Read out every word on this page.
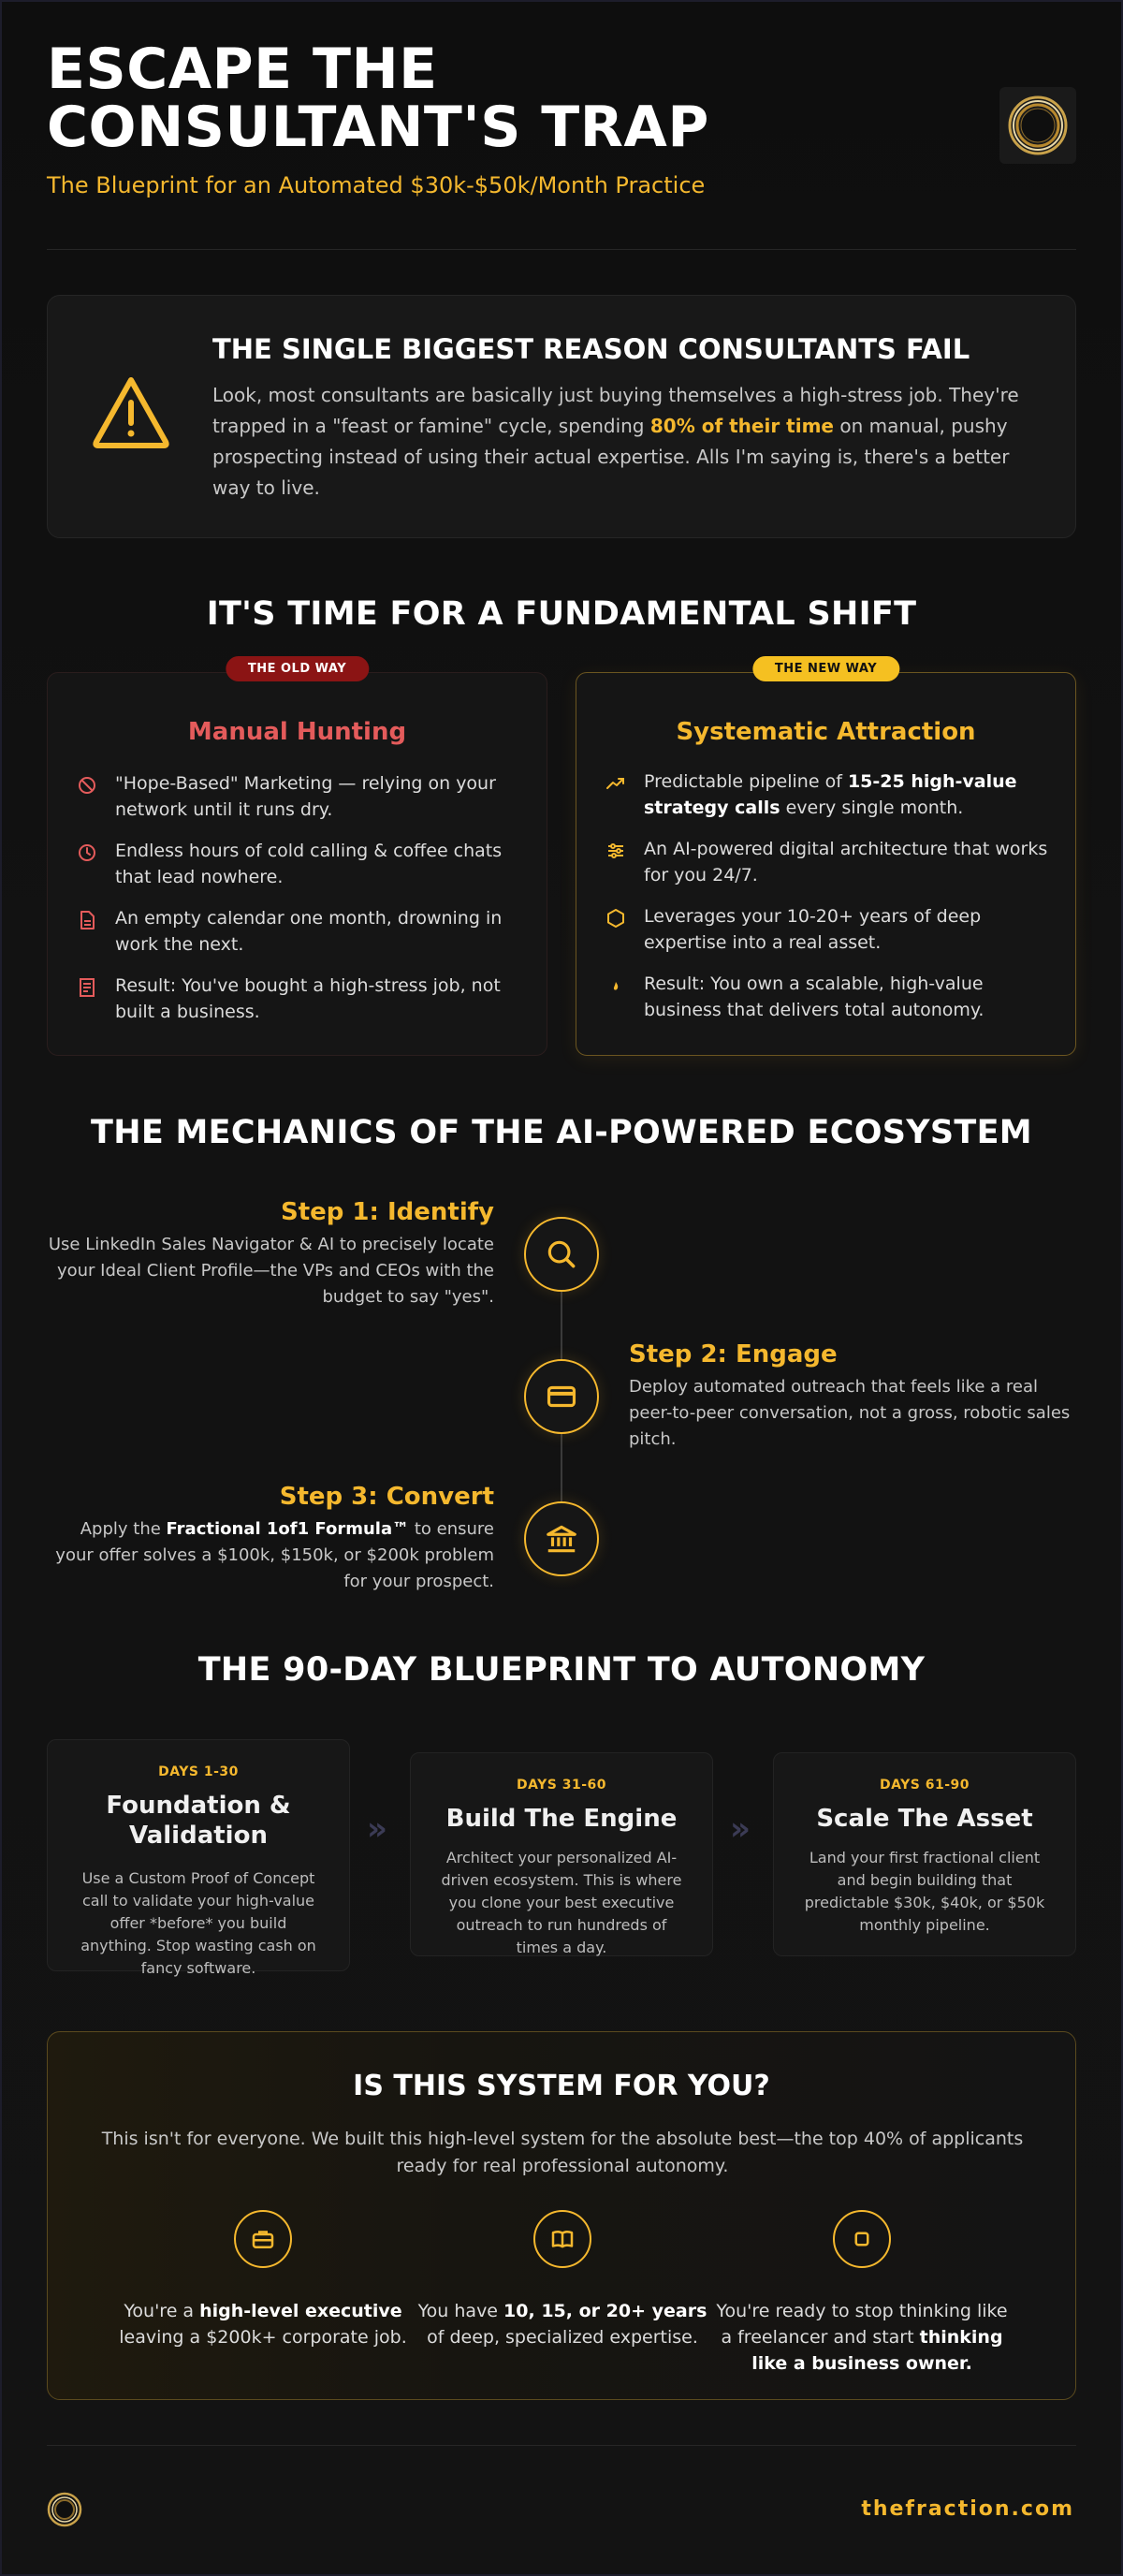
ESCAPE THE
CONSULTANT'S TRAP
The Blueprint for an Automated $30k-$50k/Month Practice
THE SINGLE BIGGEST REASON CONSULTANTS FAIL
Look, most consultants are basically just buying themselves a high-stress job. They're trapped in a "feast or famine" cycle, spending 80% of their time on manual, pushy prospecting instead of using their actual expertise. Alls I'm saying is, there's a better way to live.
IT'S TIME FOR A FUNDAMENTAL SHIFT
THE OLD WAY
Manual Hunting
"Hope-Based" Marketing — relying on your network until it runs dry.
Endless hours of cold calling & coffee chats that lead nowhere.
An empty calendar one month, drowning in work the next.
Result: You've bought a high-stress job, not built a business.
THE NEW WAY
Systematic Attraction
Predictable pipeline of 15-25 high-value strategy calls every single month.
An AI-powered digital architecture that works for you 24/7.
Leverages your 10-20+ years of deep expertise into a real asset.
Result: You own a scalable, high-value business that delivers total autonomy.
THE MECHANICS OF THE AI-POWERED ECOSYSTEM
Step 1: Identify
Use LinkedIn Sales Navigator & AI to precisely locate your Ideal Client Profile—the VPs and CEOs with the budget to say "yes".
Step 2: Engage
Deploy automated outreach that feels like a real peer-to-peer conversation, not a gross, robotic sales pitch.
Step 3: Convert
Apply the Fractional 1of1 Formula™ to ensure your offer solves a $100k, $150k, or $200k problem for your prospect.
THE 90-DAY BLUEPRINT TO AUTONOMY
DAYS 1-30
Foundation & Validation
Use a Custom Proof of Concept call to validate your high-value offer *before* you build anything. Stop wasting cash on fancy software.
»
DAYS 31-60
Build The Engine
Architect your personalized AI-driven ecosystem. This is where you clone your best executive outreach to run hundreds of times a day.
»
DAYS 61-90
Scale The Asset
Land your first fractional client and begin building that predictable $30k, $40k, or $50k monthly pipeline.
IS THIS SYSTEM FOR YOU?
This isn't for everyone. We built this high-level system for the absolute best—the top 40% of applicants ready for real professional autonomy.
You're a high-level executive leaving a $200k+ corporate job.
You have 10, 15, or 20+ years of deep, specialized expertise.
You're ready to stop thinking like a freelancer and start thinking like a business owner.
thefraction.com
